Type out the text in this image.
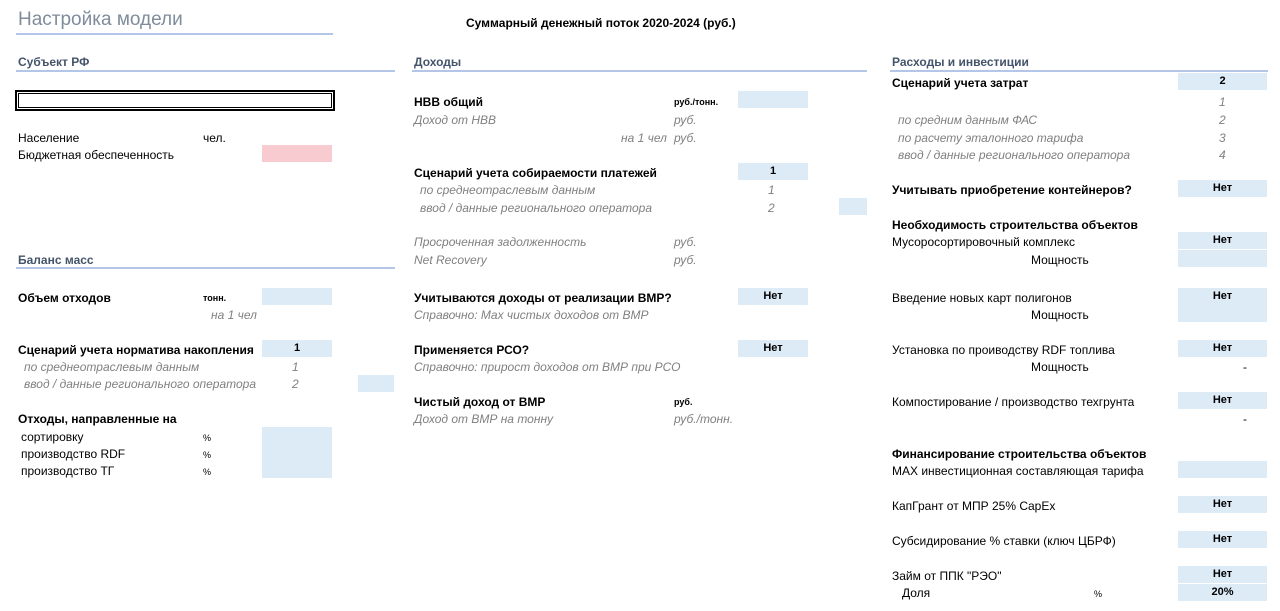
Настройка модели	Суммарный денежный поток 2020-2024 (руб.)
Субъект РФ
Население	чел.
Бюджетная обеспеченность
Баланс масс
Объем отходов	тонн.
на 1 чел
Сценарий учета норматива накопления	1
по среднеотраслевым данным	1
ввод / данные регионального оператора	2
Отходы, направленные на
сортировку	%
производство RDF	%
производство ТГ	%
Доходы
НВВ общий	руб./тонн.
Доход от НВВ	руб.
на 1 чел руб.
Сценарий учета собираемости платежей	1
по среднеотраслевым данным	1
ввод / данные регионального оператора	2
Просроченная задолженность	руб.
Net Recovery	руб.
Учитываются доходы от реализации ВМР?	Нет
Справочно: Max чистых доходов от ВМР
Применяется РСО?	Нет
Справочно: прирост доходов от ВМР при РСО
Чистый доход от ВМР	руб.
Доход от ВМР на тонну	руб./тонн.
Расходы и инвестиции
Сценарий учета затрат	2
1
по средним данным ФАС	2
по расчету эталонного тарифа	3
ввод / данные регионального оператора	4
Учитывать приобретение контейнеров?	Нет
Необходимость строительства объектов
Мусоросортировочный комплекс	Нет
Мощность
Введение новых карт полигонов	Нет
Мощность
Установка по проиводству RDF топлива	Нет
Мощность	-
Компостирование / производство техгрунта	Нет
-
Финансирование строительства объектов
MAX инвестиционная составляющая тарифа
КапГрант от МПР 25% CapEx	Нет
Субсидирование % ставки (ключ ЦБРФ)	Нет
Займ от ППК "РЭО"	Нет
Доля	%	20%
